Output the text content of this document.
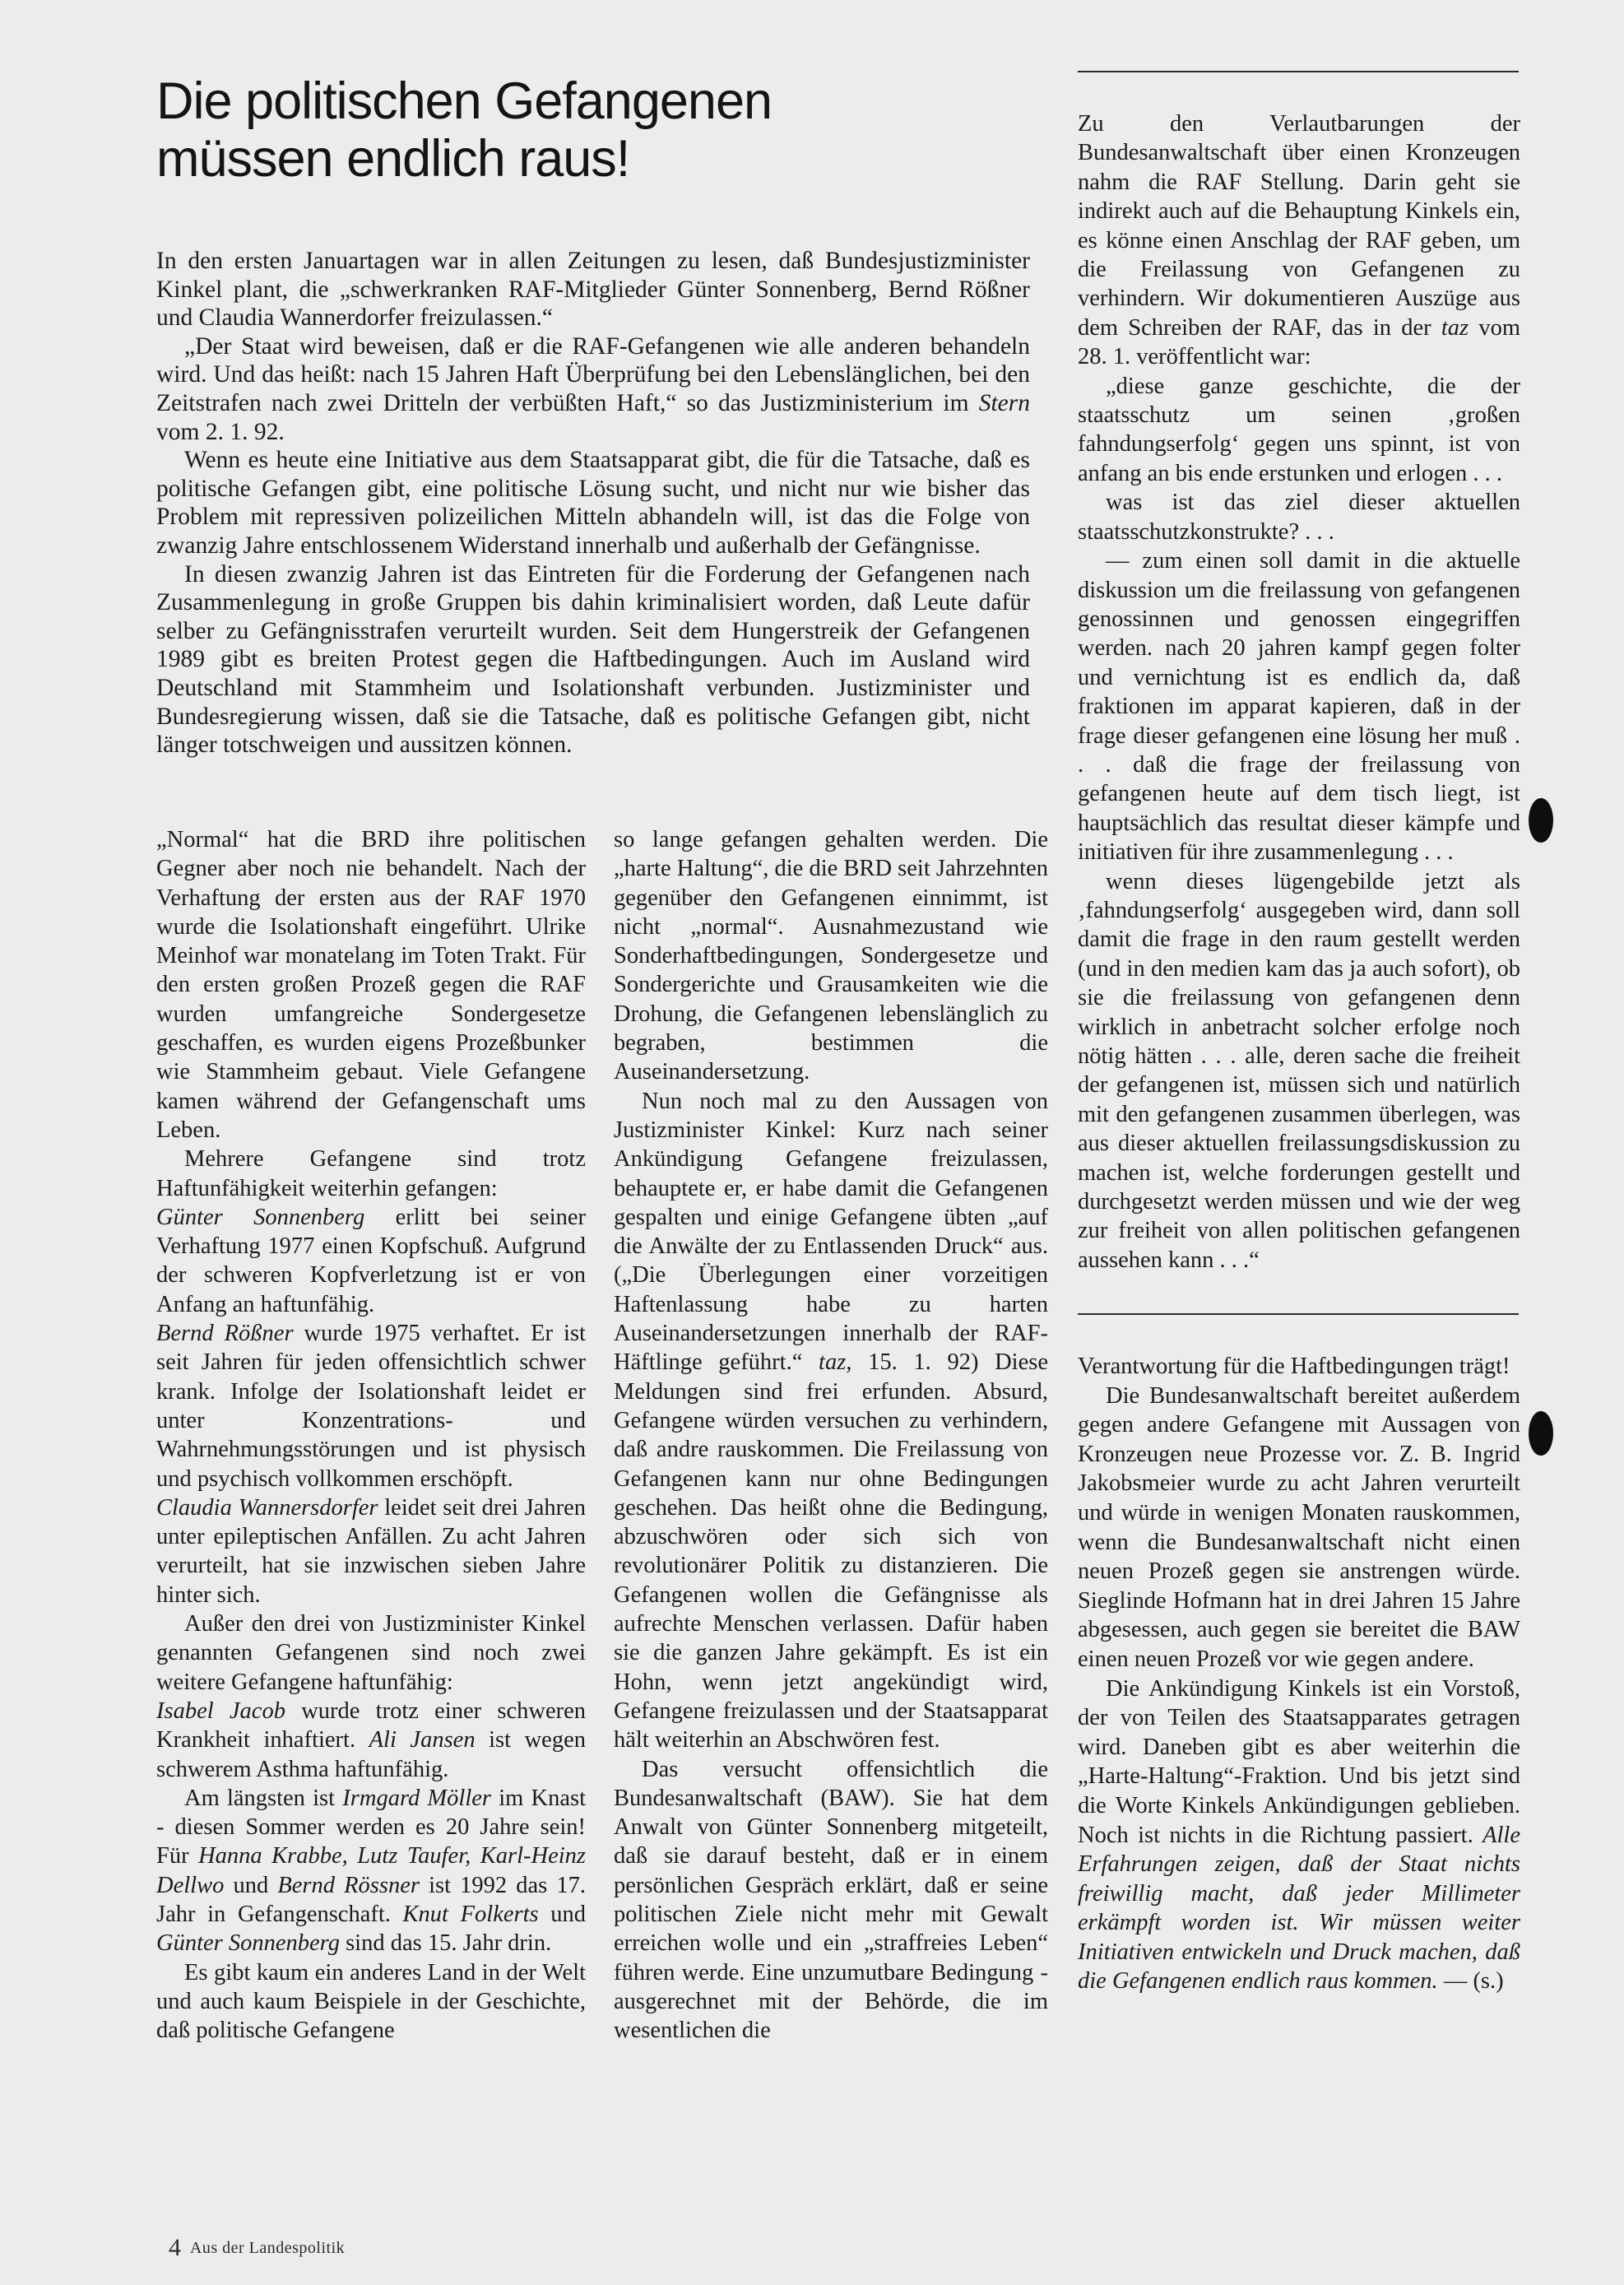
Die politischen Gefangenen
müssen endlich raus!

In den ersten Januartagen war in allen Zeitungen zu lesen, daß Bundesjustizminister Kinkel plant, die „schwerkranken RAF-Mitglieder Günter Sonnenberg, Bernd Rößner und Claudia Wannerdorfer freizulassen.“

„Der Staat wird beweisen, daß er die RAF-Gefangenen wie alle anderen behandeln wird. Und das heißt: nach 15 Jahren Haft Überprüfung bei den Lebenslänglichen, bei den Zeitstrafen nach zwei Dritteln der verbüßten Haft,“ so das Justizministerium im Stern vom 2. 1. 92.

Wenn es heute eine Initiative aus dem Staatsapparat gibt, die für die Tatsache, daß es politische Gefangen gibt, eine politische Lösung sucht, und nicht nur wie bisher das Problem mit repressiven polizeilichen Mitteln abhandeln will, ist das die Folge von zwanzig Jahre entschlossenem Widerstand innerhalb und außerhalb der Gefängnisse.

In diesen zwanzig Jahren ist das Eintreten für die Forderung der Gefangenen nach Zusammenlegung in große Gruppen bis dahin kriminalisiert worden, daß Leute dafür selber zu Gefängnisstrafen verurteilt wurden. Seit dem Hungerstreik der Gefangenen 1989 gibt es breiten Protest gegen die Haftbedingungen. Auch im Ausland wird Deutschland mit Stammheim und Isolationshaft verbunden. Justizminister und Bundesregierung wissen, daß sie die Tatsache, daß es politische Gefangen gibt, nicht länger totschweigen und aussitzen können.

„Normal“ hat die BRD ihre politischen Gegner aber noch nie behandelt. Nach der Verhaftung der ersten aus der RAF 1970 wurde die Isolationshaft eingeführt. Ulrike Meinhof war monatelang im Toten Trakt. Für den ersten großen Prozeß gegen die RAF wurden umfangreiche Sondergesetze geschaffen, es wurden eigens Prozeßbunker wie Stammheim gebaut. Viele Gefangene kamen während der Gefangenschaft ums Leben.

Mehrere Gefangene sind trotz Haftunfähigkeit weiterhin gefangen:

Günter Sonnenberg erlitt bei seiner Verhaftung 1977 einen Kopfschuß. Aufgrund der schweren Kopfverletzung ist er von Anfang an haftunfähig.

Bernd Rößner wurde 1975 verhaftet. Er ist seit Jahren für jeden offensichtlich schwer krank. Infolge der Isolationshaft leidet er unter Konzentrations- und Wahrnehmungsstörungen und ist physisch und psychisch vollkommen erschöpft.

Claudia Wannersdorfer leidet seit drei Jahren unter epileptischen Anfällen. Zu acht Jahren verurteilt, hat sie inzwischen sieben Jahre hinter sich.

Außer den drei von Justizminister Kinkel genannten Gefangenen sind noch zwei weitere Gefangene haftunfähig:

Isabel Jacob wurde trotz einer schweren Krankheit inhaftiert. Ali Jansen ist wegen schwerem Asthma haftunfähig.

Am längsten ist Irmgard Möller im Knast - diesen Sommer werden es 20 Jahre sein! Für Hanna Krabbe, Lutz Taufer, Karl-Heinz Dellwo und Bernd Rössner ist 1992 das 17. Jahr in Gefangenschaft. Knut Folkerts und Günter Sonnenberg sind das 15. Jahr drin.

Es gibt kaum ein anderes Land in der Welt und auch kaum Beispiele in der Geschichte, daß politische Gefangene

so lange gefangen gehalten werden. Die „harte Haltung“, die die BRD seit Jahrzehnten gegenüber den Gefangenen einnimmt, ist nicht „normal“. Ausnahmezustand wie Sonderhaftbedingungen, Sondergesetze und Sondergerichte und Grausamkeiten wie die Drohung, die Gefangenen lebenslänglich zu begraben, bestimmen die Auseinandersetzung.

Nun noch mal zu den Aussagen von Justizminister Kinkel: Kurz nach seiner Ankündigung Gefangene freizulassen, behauptete er, er habe damit die Gefangenen gespalten und einige Gefangene übten „auf die Anwälte der zu Entlassenden Druck“ aus. („Die Überlegungen einer vorzeitigen Haftenlassung habe zu harten Auseinandersetzungen innerhalb der RAF-Häftlinge geführt.“ taz, 15. 1. 92) Diese Meldungen sind frei erfunden. Absurd, Gefangene würden versuchen zu verhindern, daß andre rauskommen. Die Freilassung von Gefangenen kann nur ohne Bedingungen geschehen. Das heißt ohne die Bedingung, abzuschwören oder sich sich von revolutionärer Politik zu distanzieren. Die Gefangenen wollen die Gefängnisse als aufrechte Menschen verlassen. Dafür haben sie die ganzen Jahre gekämpft. Es ist ein Hohn, wenn jetzt angekündigt wird, Gefangene freizulassen und der Staatsapparat hält weiterhin an Abschwören fest.

Das versucht offensichtlich die Bundesanwaltschaft (BAW). Sie hat dem Anwalt von Günter Sonnenberg mitgeteilt, daß sie darauf besteht, daß er in einem persönlichen Gespräch erklärt, daß er seine politischen Ziele nicht mehr mit Gewalt erreichen wolle und ein „straffreies Leben“ führen werde. Eine unzumutbare Bedingung - ausgerechnet mit der Behörde, die im wesentlichen die

Zu den Verlautbarungen der Bundesanwaltschaft über einen Kronzeugen nahm die RAF Stellung. Darin geht sie indirekt auch auf die Behauptung Kinkels ein, es könne einen Anschlag der RAF geben, um die Freilassung von Gefangenen zu verhindern. Wir dokumentieren Auszüge aus dem Schreiben der RAF, das in der taz vom 28. 1. veröffentlicht war:

„diese ganze geschichte, die der staatsschutz um seinen ‚großen fahndungserfolg‘ gegen uns spinnt, ist von anfang an bis ende erstunken und erlogen . . .

was ist das ziel dieser aktuellen staatsschutzkonstrukte? . . .

— zum einen soll damit in die aktuelle diskussion um die freilassung von gefangenen genossinnen und genossen eingegriffen werden. nach 20 jahren kampf gegen folter und vernichtung ist es endlich da, daß fraktionen im apparat kapieren, daß in der frage dieser gefangenen eine lösung her muß . . . daß die frage der freilassung von gefangenen heute auf dem tisch liegt, ist hauptsächlich das resultat dieser kämpfe und initiativen für ihre zusammenlegung . . .

wenn dieses lügengebilde jetzt als ‚fahndungserfolg‘ ausgegeben wird, dann soll damit die frage in den raum gestellt werden (und in den medien kam das ja auch sofort), ob sie die freilassung von gefangenen denn wirklich in anbetracht solcher erfolge noch nötig hätten . . . alle, deren sache die freiheit der gefangenen ist, müssen sich und natürlich mit den gefangenen zusammen überlegen, was aus dieser aktuellen freilassungsdiskussion zu machen ist, welche forderungen gestellt und durchgesetzt werden müssen und wie der weg zur freiheit von allen politischen gefangenen aussehen kann . . .“

Verantwortung für die Haftbedingungen trägt!

Die Bundesanwaltschaft bereitet außerdem gegen andere Gefangene mit Aussagen von Kronzeugen neue Prozesse vor. Z. B. Ingrid Jakobsmeier wurde zu acht Jahren verurteilt und würde in wenigen Monaten rauskommen, wenn die Bundesanwaltschaft nicht einen neuen Prozeß gegen sie anstrengen würde. Sieglinde Hofmann hat in drei Jahren 15 Jahre abgesessen, auch gegen sie bereitet die BAW einen neuen Prozeß vor wie gegen andere.

Die Ankündigung Kinkels ist ein Vorstoß, der von Teilen des Staatsapparates getragen wird. Daneben gibt es aber weiterhin die „Harte-Haltung“-Fraktion. Und bis jetzt sind die Worte Kinkels Ankündigungen geblieben. Noch ist nichts in die Richtung passiert. Alle Erfahrungen zeigen, daß der Staat nichts freiwillig macht, daß jeder Millimeter erkämpft worden ist. Wir müssen weiter Initiativen entwickeln und Druck machen, daß die Gefangenen endlich raus kommen. — (s.)

4 Aus der Landespolitik
